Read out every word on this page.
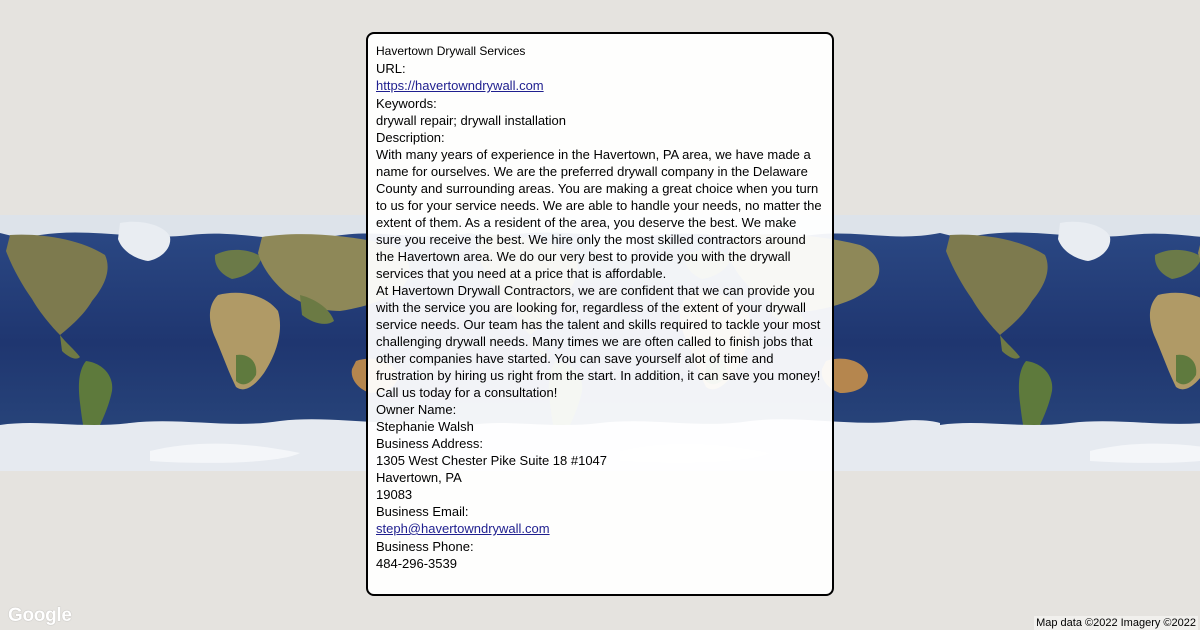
Havertown Drywall Services
URL:
https://havertowndrywall.com
Keywords:
drywall repair; drywall installation
Description:

With many years of experience in the Havertown, PA area, we have made a name for ourselves. We are the preferred drywall company in the Delaware County and surrounding areas. You are making a great choice when you turn to us for your service needs. We are able to handle your needs, no matter the extent of them. As a resident of the area, you deserve the best. We make sure you receive the best. We hire only the most skilled contractors around the Havertown area. We do our very best to provide you with the drywall services that you need at a price that is affordable.

At Havertown Drywall Contractors, we are confident that we can provide you with the service you are looking for, regardless of the extent of your drywall service needs. Our team has the talent and skills required to tackle your most challenging drywall needs. Many times we are often called to finish jobs that other companies have started. You can save yourself alot of time and frustration by hiring us right from the start. In addition, it can save you money! Call us today for a consultation!

Owner Name:
Stephanie Walsh
Business Address:
1305 West Chester Pike Suite 18 #1047
Havertown, PA
19083
Business Email:
steph@havertowndrywall.com
Business Phone:
484-296-3539
Google	Map data ©2022 Imagery ©2022
